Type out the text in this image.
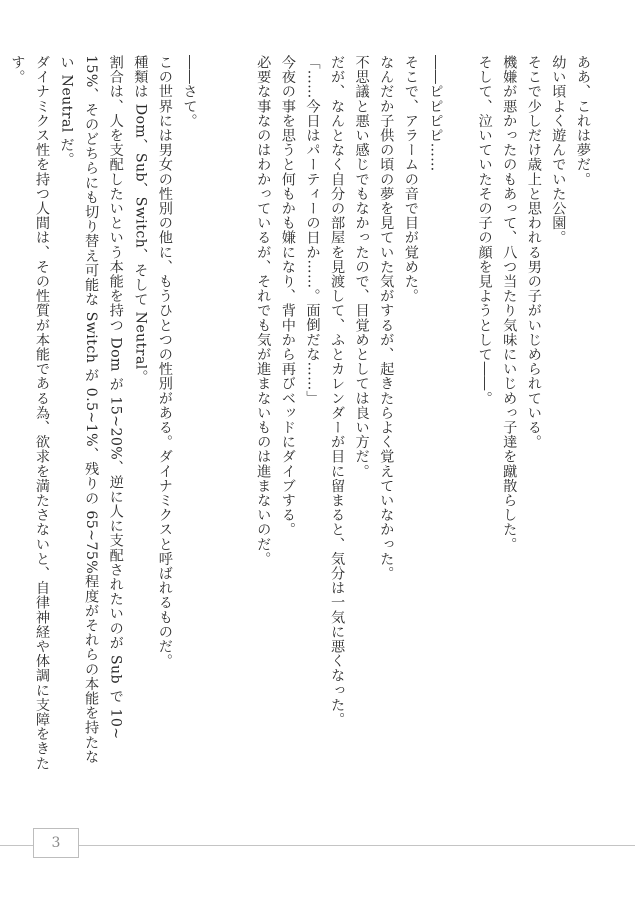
ああ、これは夢だ。
幼い頃よく遊んでいた公園。
そこで少しだけ歳上と思われる男の子がいじめられている。
機嫌が悪かったのもあって、八つ当たり気味にいじめっ子達を蹴散らした。
そして、泣いていたその子の顔を見ようとして――。

――ピピピピ……
そこで、アラームの音で目が覚めた。
なんだか子供の頃の夢を見ていた気がするが、起きたらよく覚えていなかった。
不思議と悪い感じでもなかったので、目覚めとしては良い方だ。
だが、なんとなく自分の部屋を見渡して、ふとカレンダーが目に留まると、気分は一気に悪くなった。
「……今日はパーティーの日か……。面倒だな……」
今夜の事を思うと何もかも嫌になり、背中から再びベッドにダイブする。
必要な事なのはわかっているが、それでも気が進まないものは進まないのだ。

――さて。
この世界には男女の性別の他に、もうひとつの性別がある。ダイナミクスと呼ばれるものだ。
種類は Dom、Sub、Switch、そして Neutral。
割合は、人を支配したいという本能を持つ Dom が 15~20%、逆に人に支配されたいのが Sub で 10~
15%、そのどちらにも切り替え可能な Switch が 0.5~1%、残りの 65~75%程度がそれらの本能を持たな
い Neutral だ。
ダイナミクス性を持つ人間は、その性質が本能である為、欲求を満たさないと、自律神経や体調に支障をきた
す。
3
